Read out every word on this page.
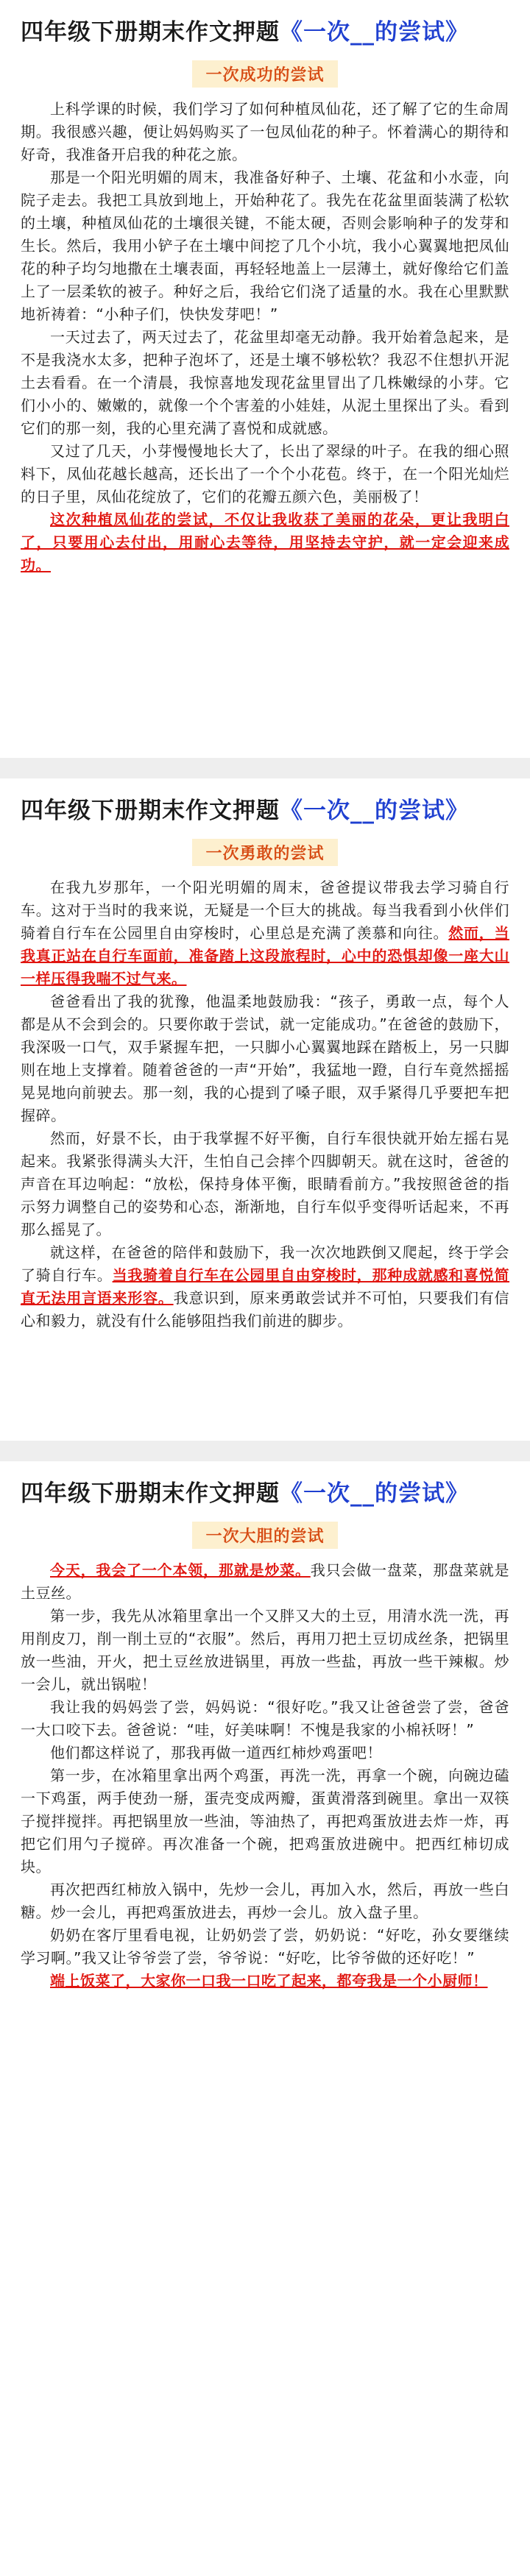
四年级下册期末作文押题《一次__的尝试》
一次成功的尝试

上科学课的时候，我们学习了如何种植凤仙花，还了解了它的生命周期。我很感兴趣，便让妈妈购买了一包凤仙花的种子。怀着满心的期待和好奇，我准备开启我的种花之旅。

那是一个阳光明媚的周末，我准备好种子、土壤、花盆和小水壶，向院子走去。我把工具放到地上，开始种花了。我先在花盆里面装满了松软的土壤，种植凤仙花的土壤很关键，不能太硬，否则会影响种子的发芽和生长。然后，我用小铲子在土壤中间挖了几个小坑，我小心翼翼地把凤仙花的种子均匀地撒在土壤表面，再轻轻地盖上一层薄土，就好像给它们盖上了一层柔软的被子。种好之后，我给它们浇了适量的水。我在心里默默地祈祷着：“小种子们，快快发芽吧！”

一天过去了，两天过去了，花盆里却毫无动静。我开始着急起来，是不是我浇水太多，把种子泡坏了，还是土壤不够松软？我忍不住想扒开泥土去看看。在一个清晨，我惊喜地发现花盆里冒出了几株嫩绿的小芽。它们小小的、嫩嫩的，就像一个个害羞的小娃娃，从泥土里探出了头。看到它们的那一刻，我的心里充满了喜悦和成就感。

又过了几天，小芽慢慢地长大了，长出了翠绿的叶子。在我的细心照料下，凤仙花越长越高，还长出了一个个小花苞。终于，在一个阳光灿烂的日子里，凤仙花绽放了，它们的花瓣五颜六色，美丽极了！

这次种植凤仙花的尝试，不仅让我收获了美丽的花朵，更让我明白了，只要用心去付出，用耐心去等待，用坚持去守护，就一定会迎来成功。

四年级下册期末作文押题《一次__的尝试》
一次勇敢的尝试

在我九岁那年，一个阳光明媚的周末，爸爸提议带我去学习骑自行车。这对于当时的我来说，无疑是一个巨大的挑战。每当我看到小伙伴们骑着自行车在公园里自由穿梭时，心里总是充满了羡慕和向往。然而，当我真正站在自行车面前，准备踏上这段旅程时，心中的恐惧却像一座大山一样压得我喘不过气来。

爸爸看出了我的犹豫，他温柔地鼓励我：“孩子，勇敢一点，每个人都是从不会到会的。只要你敢于尝试，就一定能成功。”在爸爸的鼓励下，我深吸一口气，双手紧握车把，一只脚小心翼翼地踩在踏板上，另一只脚则在地上支撑着。随着爸爸的一声“开始”，我猛地一蹬，自行车竟然摇摇晃晃地向前驶去。那一刻，我的心提到了嗓子眼，双手紧得几乎要把车把握碎。

然而，好景不长，由于我掌握不好平衡，自行车很快就开始左摇右晃起来。我紧张得满头大汗，生怕自己会摔个四脚朝天。就在这时，爸爸的声音在耳边响起：“放松，保持身体平衡，眼睛看前方。”我按照爸爸的指示努力调整自己的姿势和心态，渐渐地，自行车似乎变得听话起来，不再那么摇晃了。

就这样，在爸爸的陪伴和鼓励下，我一次次地跌倒又爬起，终于学会了骑自行车。当我骑着自行车在公园里自由穿梭时，那种成就感和喜悦简直无法用言语来形容。我意识到，原来勇敢尝试并不可怕，只要我们有信心和毅力，就没有什么能够阻挡我们前进的脚步。

四年级下册期末作文押题《一次__的尝试》
一次大胆的尝试

今天，我会了一个本领，那就是炒菜。我只会做一盘菜，那盘菜就是土豆丝。

第一步，我先从冰箱里拿出一个又胖又大的土豆，用清水洗一洗，再用削皮刀，削一削土豆的“衣服”。然后，再用刀把土豆切成丝条，把锅里放一些油，开火，把土豆丝放进锅里，再放一些盐，再放一些干辣椒。炒一会儿，就出锅啦！

我让我的妈妈尝了尝，妈妈说：“很好吃。”我又让爸爸尝了尝，爸爸一大口咬下去。爸爸说：“哇，好美味啊！不愧是我家的小棉袄呀！”

他们都这样说了，那我再做一道西红柿炒鸡蛋吧！

第一步，在冰箱里拿出两个鸡蛋，再洗一洗，再拿一个碗，向碗边磕一下鸡蛋，两手使劲一掰，蛋壳变成两瓣，蛋黄滑落到碗里。拿出一双筷子搅拌搅拌。再把锅里放一些油，等油热了，再把鸡蛋放进去炸一炸，再把它们用勺子搅碎。再次准备一个碗，把鸡蛋放进碗中。把西红柿切成块。

再次把西红柿放入锅中，先炒一会儿，再加入水，然后，再放一些白糖。炒一会儿，再把鸡蛋放进去，再炒一会儿。放入盘子里。

奶奶在客厅里看电视，让奶奶尝了尝，奶奶说：“好吃，孙女要继续学习啊。”我又让爷爷尝了尝，爷爷说：“好吃，比爷爷做的还好吃！”

端上饭菜了，大家你一口我一口吃了起来，都夸我是一个小厨师！
